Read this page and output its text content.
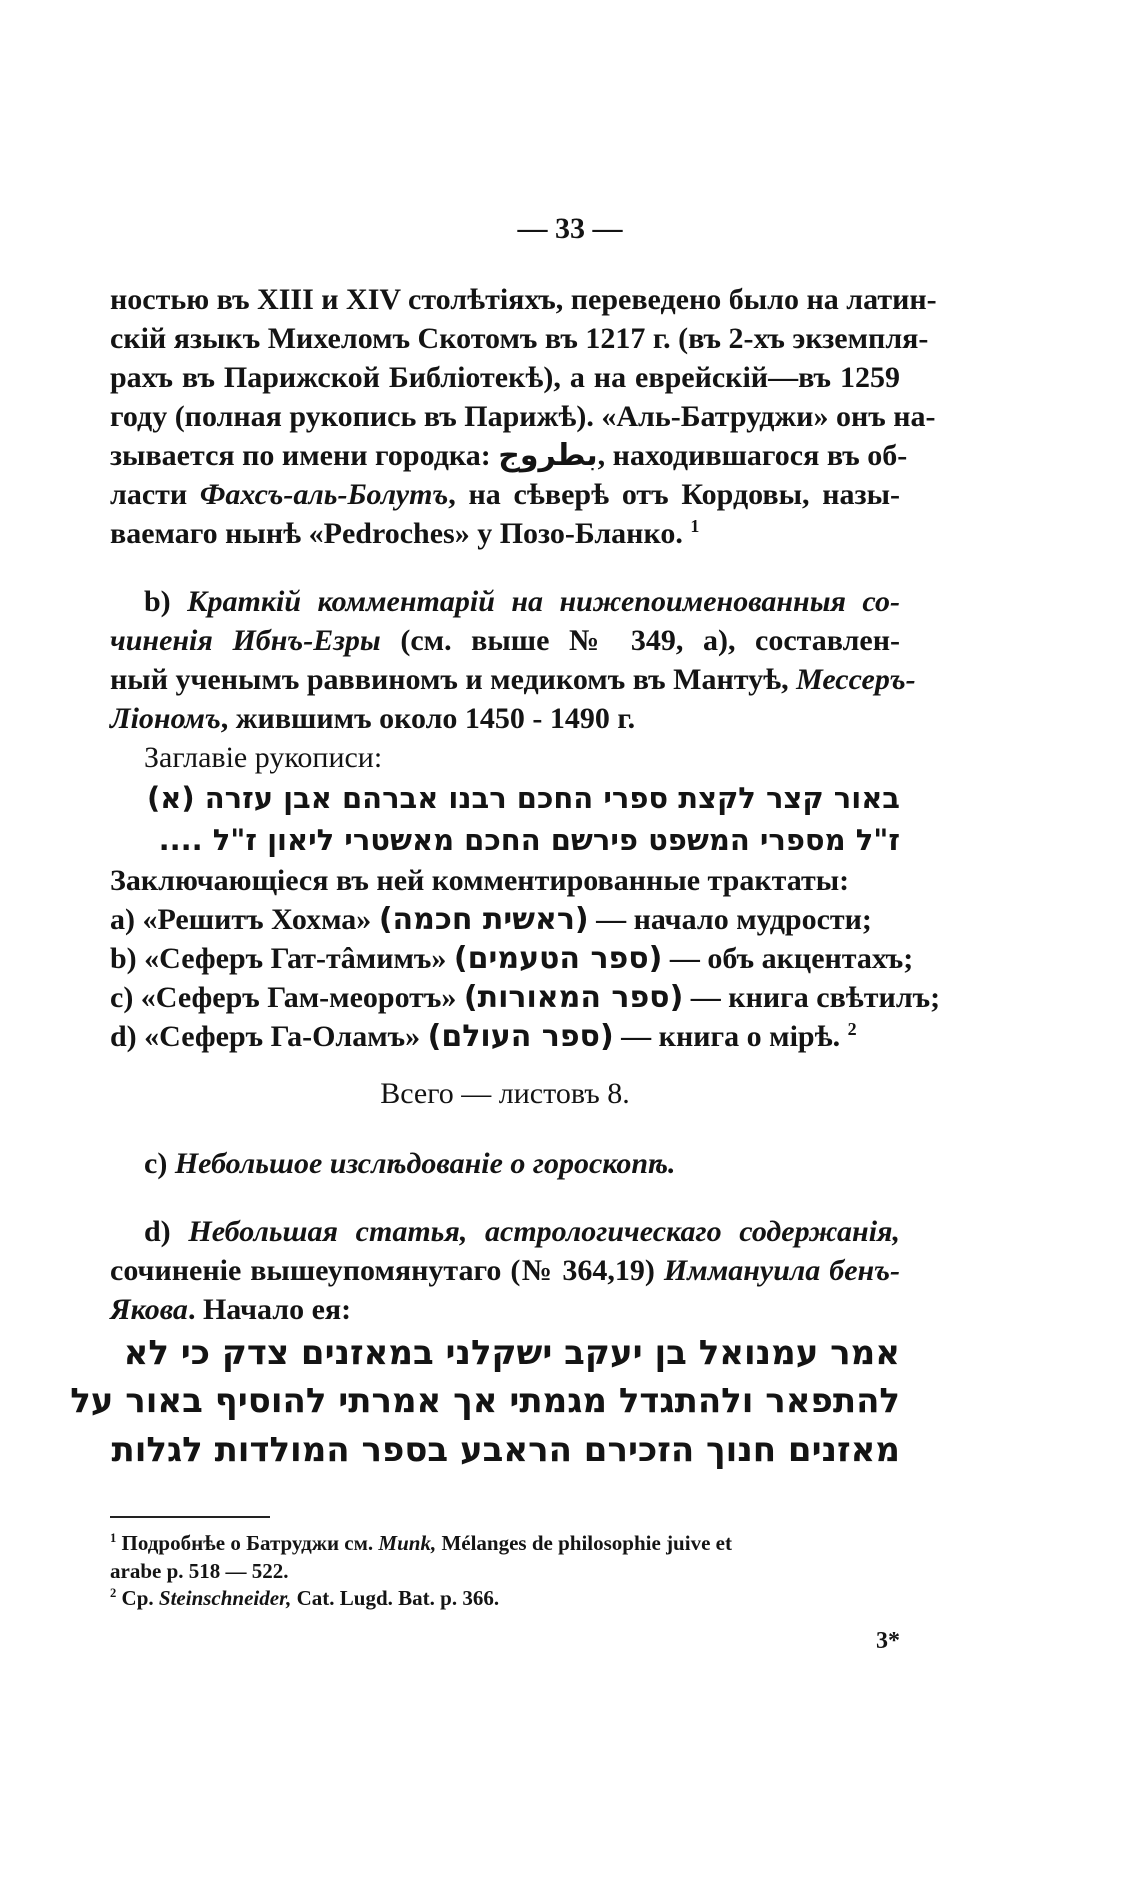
— 33 —
ностью въ XIII и XIV столѣтіяхъ, переведено было на латин-
скій языкъ Михеломъ Скотомъ въ 1217 г. (въ 2-хъ экземпля-
рахъ въ Парижской Библіотекѣ), а на еврейскій—въ 1259
году (полная рукопись въ Парижѣ). «Аль-Батруджи» онъ на-
зывается по имени городка: بطروج, находившагося въ об-
ласти Фахсъ-аль-Болутъ, на сѣверѣ отъ Кордовы, назы-
ваемаго нынѣ «Pedroches» у Позо-Бланко. $^1$
b) Краткій комментарій на нижепоименованныя со-
чиненія Ибнъ-Езры (см. выше № 349, а), составлен-
ный ученымъ раввиномъ и медикомъ въ Мантуѣ, Мессеръ-
Ліономъ, жившимъ около 1450 - 1490 г.
Заглавіе рукописи:
באור קצר לקצת ספרי החכם רבנו אברהם אבן עזרה (א)
ז"ל מספרי המשפט פירשם החכם מאשטרי ליאון ז"ל ....
Заключающіеся въ ней комментированные трактаты:
a) «Решитъ Хохма» (ראשית חכמה) — начало мудрости;
b) «Сеферъ Гат-тâмимъ» (ספר הטעמים) — объ акцентахъ;
c) «Сеферъ Гам-меоротъ» (ספר המאורות) — книга свѣтилъ;
d) «Сеферъ Га-Оламъ» (ספר העולם) — книга о мірѣ. $^2$
Всего — листовъ 8.
c) Небольшое изслѣдованіе о гороскопѣ.
d) Небольшая статья, астрологическаго содержанія,
сочиненіе вышеупомянутаго (№ 364,19) Иммануила бенъ-
Якова. Начало ея:
אמר עמנואל בן יעקב ישקלני במאזנים צדק כי לא
להתפאר ולהתגדל מגמתי אך אמרתי להוסיף באור על
מאזנים חנוך הזכירם הראבע בספר המולדות לגלות
$^1$ Подробнѣе о Батруджи см. Munk, Mélanges de philosophie juive et
arabe p. 518 — 522.
$^2$ Ср. Steinschneider, Cat. Lugd. Bat. p. 366.
3*
